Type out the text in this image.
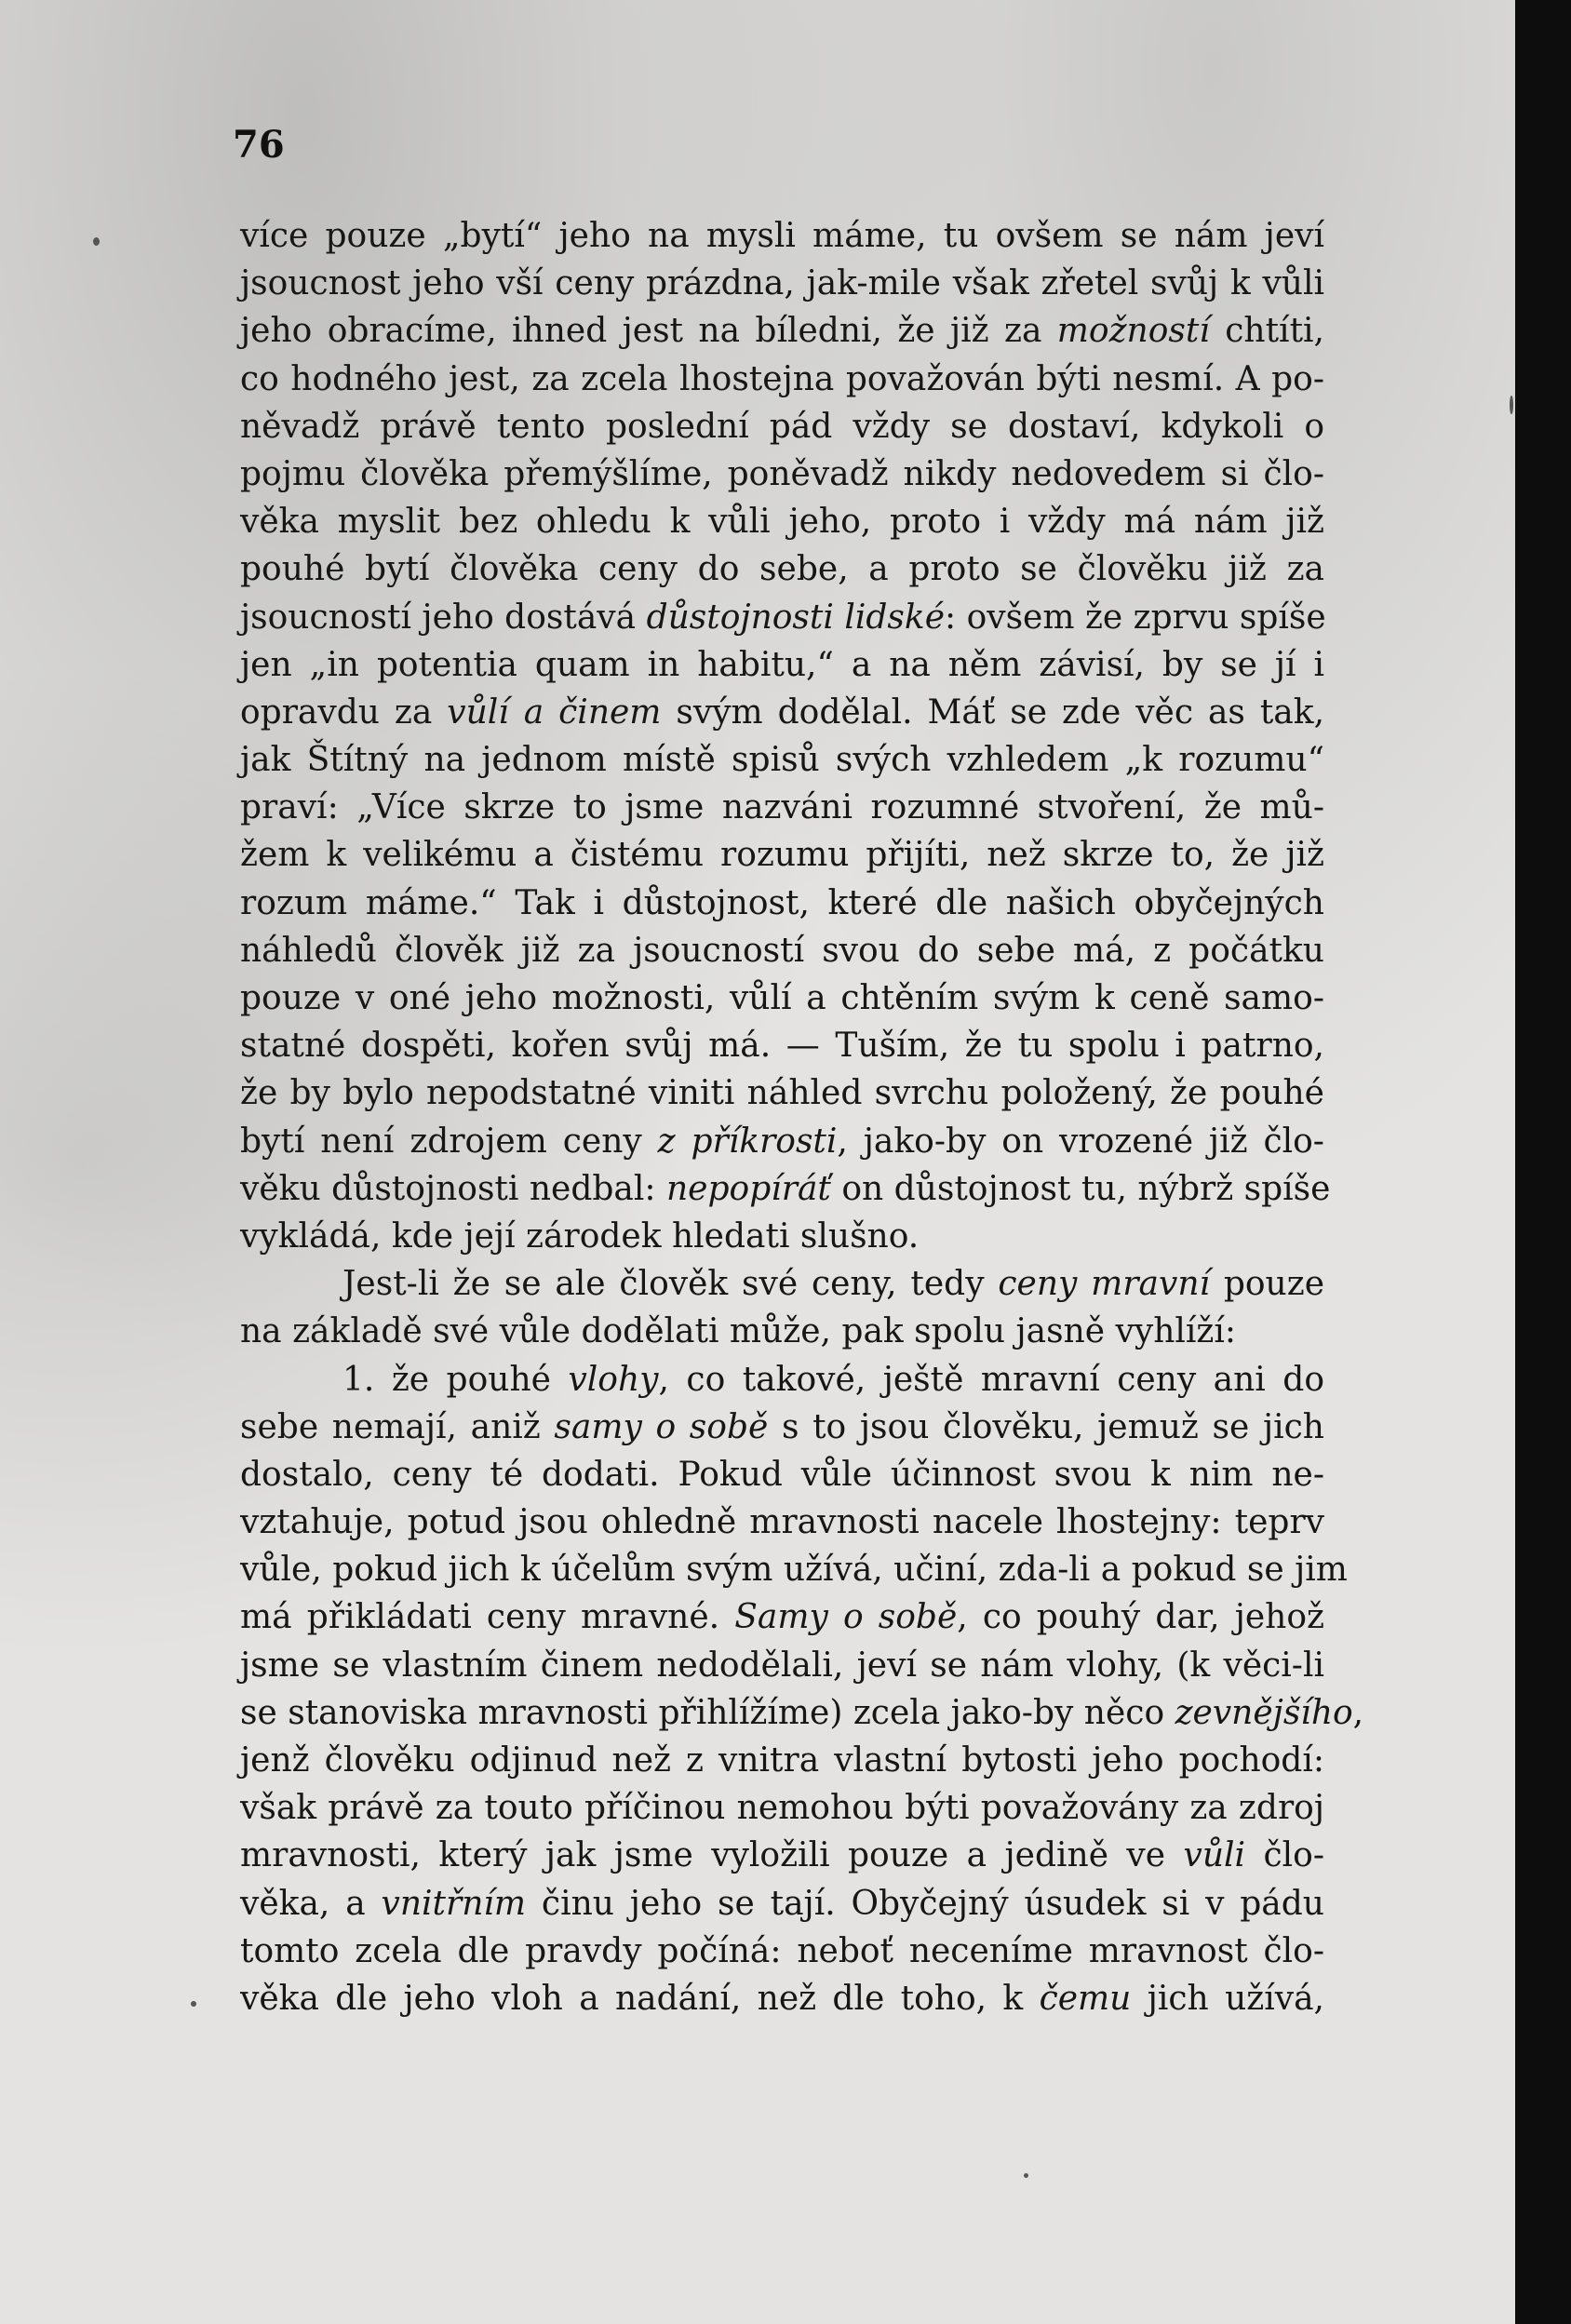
76
více pouze „bytí“ jeho na mysli máme, tu ovšem se nám jeví
jsoucnost jeho vší ceny prázdna, jak-mile však zřetel svůj k vůli
jeho obracíme, ihned jest na bíledni, že již za možností chtíti,
co hodného jest, za zcela lhostejna považován býti nesmí. A po-
něvadž právě tento poslední pád vždy se dostaví, kdykoli o
pojmu člověka přemýšlíme, poněvadž nikdy nedovedem si člo-
věka myslit bez ohledu k vůli jeho, proto i vždy má nám již
pouhé bytí člověka ceny do sebe, a proto se člověku již za
jsoucností jeho dostává důstojnosti lidské: ovšem že zprvu spíše
jen „in potentia quam in habitu,“ a na něm závisí, by se jí i
opravdu za vůlí a činem svým dodělal. Máť se zde věc as tak,
jak Štítný na jednom místě spisů svých vzhledem „k rozumu“
praví: „Více skrze to jsme nazváni rozumné stvoření, že mů-
žem k velikému a čistému rozumu přijíti, než skrze to, že již
rozum máme.“ Tak i důstojnost, které dle našich obyčejných
náhledů člověk již za jsoucností svou do sebe má, z počátku
pouze v oné jeho možnosti, vůlí a chtěním svým k ceně samo-
statné dospěti, kořen svůj má. — Tuším, že tu spolu i patrno,
že by bylo nepodstatné viniti náhled svrchu položený, že pouhé
bytí není zdrojem ceny z příkrosti, jako-by on vrozené již člo-
věku důstojnosti nedbal: nepopíráť on důstojnost tu, nýbrž spíše
vykládá, kde její zárodek hledati slušno.
Jest-li že se ale člověk své ceny, tedy ceny mravní pouze
na základě své vůle dodělati může, pak spolu jasně vyhlíží:
1. že pouhé vlohy, co takové, ještě mravní ceny ani do
sebe nemají, aniž samy o sobě s to jsou člověku, jemuž se jich
dostalo, ceny té dodati. Pokud vůle účinnost svou k nim ne-
vztahuje, potud jsou ohledně mravnosti nacele lhostejny: teprv
vůle, pokud jich k účelům svým užívá, učiní, zda-li a pokud se jim
má přikládati ceny mravné. Samy o sobě, co pouhý dar, jehož
jsme se vlastním činem nedodělali, jeví se nám vlohy, (k věci-li
se stanoviska mravnosti přihlížíme) zcela jako-by něco zevnějšího,
jenž člověku odjinud než z vnitra vlastní bytosti jeho pochodí:
však právě za touto příčinou nemohou býti považovány za zdroj
mravnosti, který jak jsme vyložili pouze a jedině ve vůli člo-
věka, a vnitřním činu jeho se tají. Obyčejný úsudek si v pádu
tomto zcela dle pravdy počíná: neboť neceníme mravnost člo-
věka dle jeho vloh a nadání, než dle toho, k čemu jich užívá,
